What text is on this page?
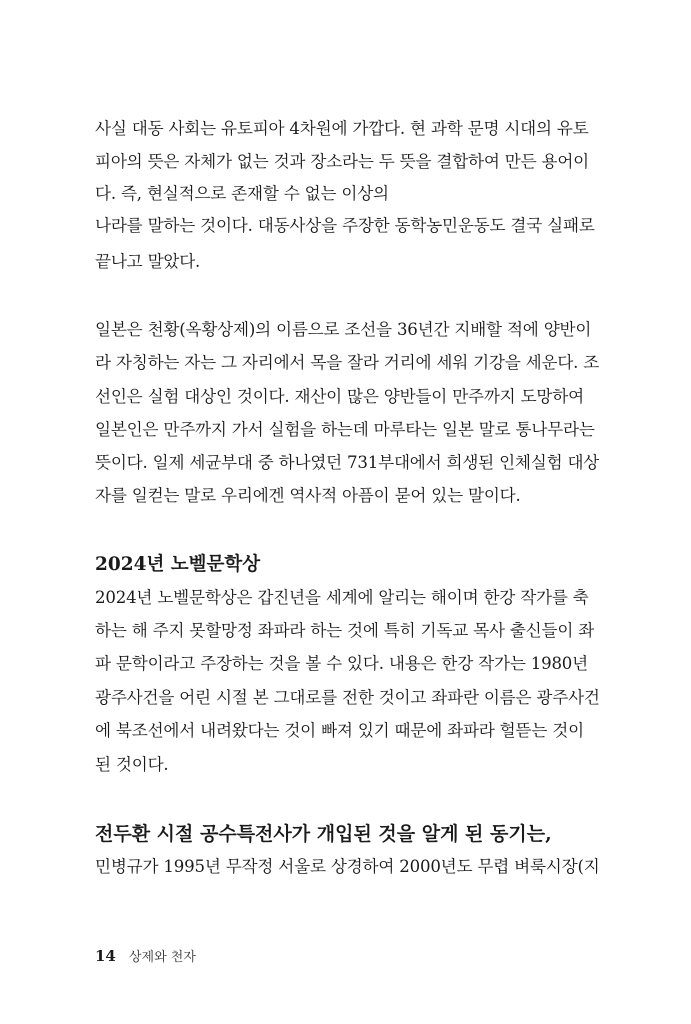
사실 대동 사회는 유토피아 4차원에 가깝다. 현 과학 문명 시대의 유토
피아의 뜻은 자체가 없는 것과 장소라는 두 뜻을 결합하여 만든 용어이
다. 즉, 현실적으로 존재할 수 없는 이상의
나라를 말하는 것이다. 대동사상을 주장한 동학농민운동도 결국 실패로
끝나고 말았다.
일본은 천황(옥황상제)의 이름으로 조선을 36년간 지배할 적에 양반이
라 자칭하는 자는 그 자리에서 목을 잘라 거리에 세워 기강을 세운다. 조
선인은 실험 대상인 것이다. 재산이 많은 양반들이 만주까지 도망하여
일본인은 만주까지 가서 실험을 하는데 마루타는 일본 말로 통나무라는
뜻이다. 일제 세균부대 중 하나였던 731부대에서 희생된 인체실험 대상
자를 일컫는 말로 우리에겐 역사적 아픔이 묻어 있는 말이다.
2024년 노벨문학상
2024년 노벨문학상은 갑진년을 세계에 알리는 해이며 한강 작가를 축
하는 해 주지 못할망정 좌파라 하는 것에 특히 기독교 목사 출신들이 좌
파 문학이라고 주장하는 것을 볼 수 있다. 내용은 한강 작가는 1980년
광주사건을 어린 시절 본 그대로를 전한 것이고 좌파란 이름은 광주사건
에 북조선에서 내려왔다는 것이 빠져 있기 때문에 좌파라 헐뜯는 것이
된 것이다.
전두환 시절 공수특전사가 개입된 것을 알게 된 동기는,
민병규가 1995년 무작정 서울로 상경하여 2000년도 무렵 벼룩시장(지
14 상제와 천자
